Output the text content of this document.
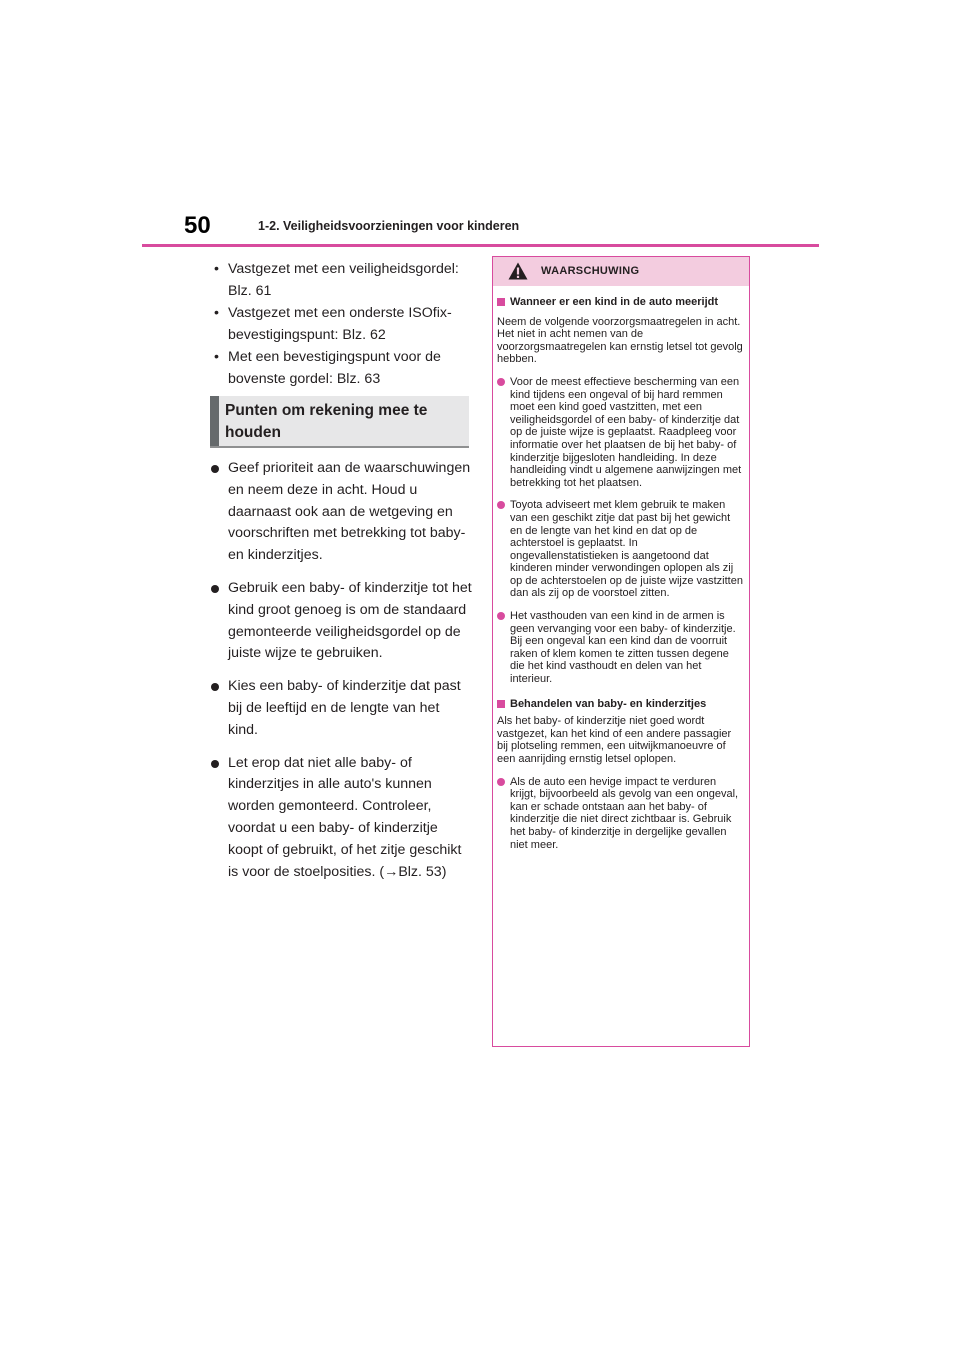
50	1-2. Veiligheidsvoorzieningen voor kinderen
• Vastgezet met een veiligheidsgordel: Blz. 61
• Vastgezet met een onderste ISOfix-bevestigingspunt: Blz. 62
• Met een bevestigingspunt voor de bovenste gordel: Blz. 63
Punten om rekening mee te houden
Geef prioriteit aan de waarschuwingen en neem deze in acht. Houd u daarnaast ook aan de wetgeving en voorschriften met betrekking tot baby- en kinderzitjes.
Gebruik een baby- of kinderzitje tot het kind groot genoeg is om de standaard gemonteerde veiligheidsgordel op de juiste wijze te gebruiken.
Kies een baby- of kinderzitje dat past bij de leeftijd en de lengte van het kind.
Let erop dat niet alle baby- of kinderzitjes in alle auto's kunnen worden gemonteerd. Controleer, voordat u een baby- of kinderzitje koopt of gebruikt, of het zitje geschikt is voor de stoelposities. (→Blz. 53)
WAARSCHUWING
Wanneer er een kind in de auto meerijdt
Neem de volgende voorzorgsmaatregelen in acht. Het niet in acht nemen van de voorzorgsmaatregelen kan ernstig letsel tot gevolg hebben.
Voor de meest effectieve bescherming van een kind tijdens een ongeval of bij hard remmen moet een kind goed vastzitten, met een veiligheidsgordel of een baby- of kinderzitje dat op de juiste wijze is geplaatst. Raadpleeg voor informatie over het plaatsen de bij het baby- of kinderzitje bijgesloten handleiding. In deze handleiding vindt u algemene aanwijzingen met betrekking tot het plaatsen.
Toyota adviseert met klem gebruik te maken van een geschikt zitje dat past bij het gewicht en de lengte van het kind en dat op de achterstoel is geplaatst. In ongevallenstatistieken is aangetoond dat kinderen minder verwondingen oplopen als zij op de achterstoelen op de juiste wijze vastzitten dan als zij op de voorstoel zitten.
Het vasthouden van een kind in de armen is geen vervanging voor een baby- of kinderzitje. Bij een ongeval kan een kind dan de voorruit raken of klem komen te zitten tussen degene die het kind vasthoudt en delen van het interieur.
Behandelen van baby- en kinderzitjes
Als het baby- of kinderzitje niet goed wordt vastgezet, kan het kind of een andere passagier bij plotseling remmen, een uitwijkmanoeuvre of een aanrijding ernstig letsel oplopen.
Als de auto een hevige impact te verduren krijgt, bijvoorbeeld als gevolg van een ongeval, kan er schade ontstaan aan het baby- of kinderzitje die niet direct zichtbaar is. Gebruik het baby- of kinderzitje in dergelijke gevallen niet meer.
